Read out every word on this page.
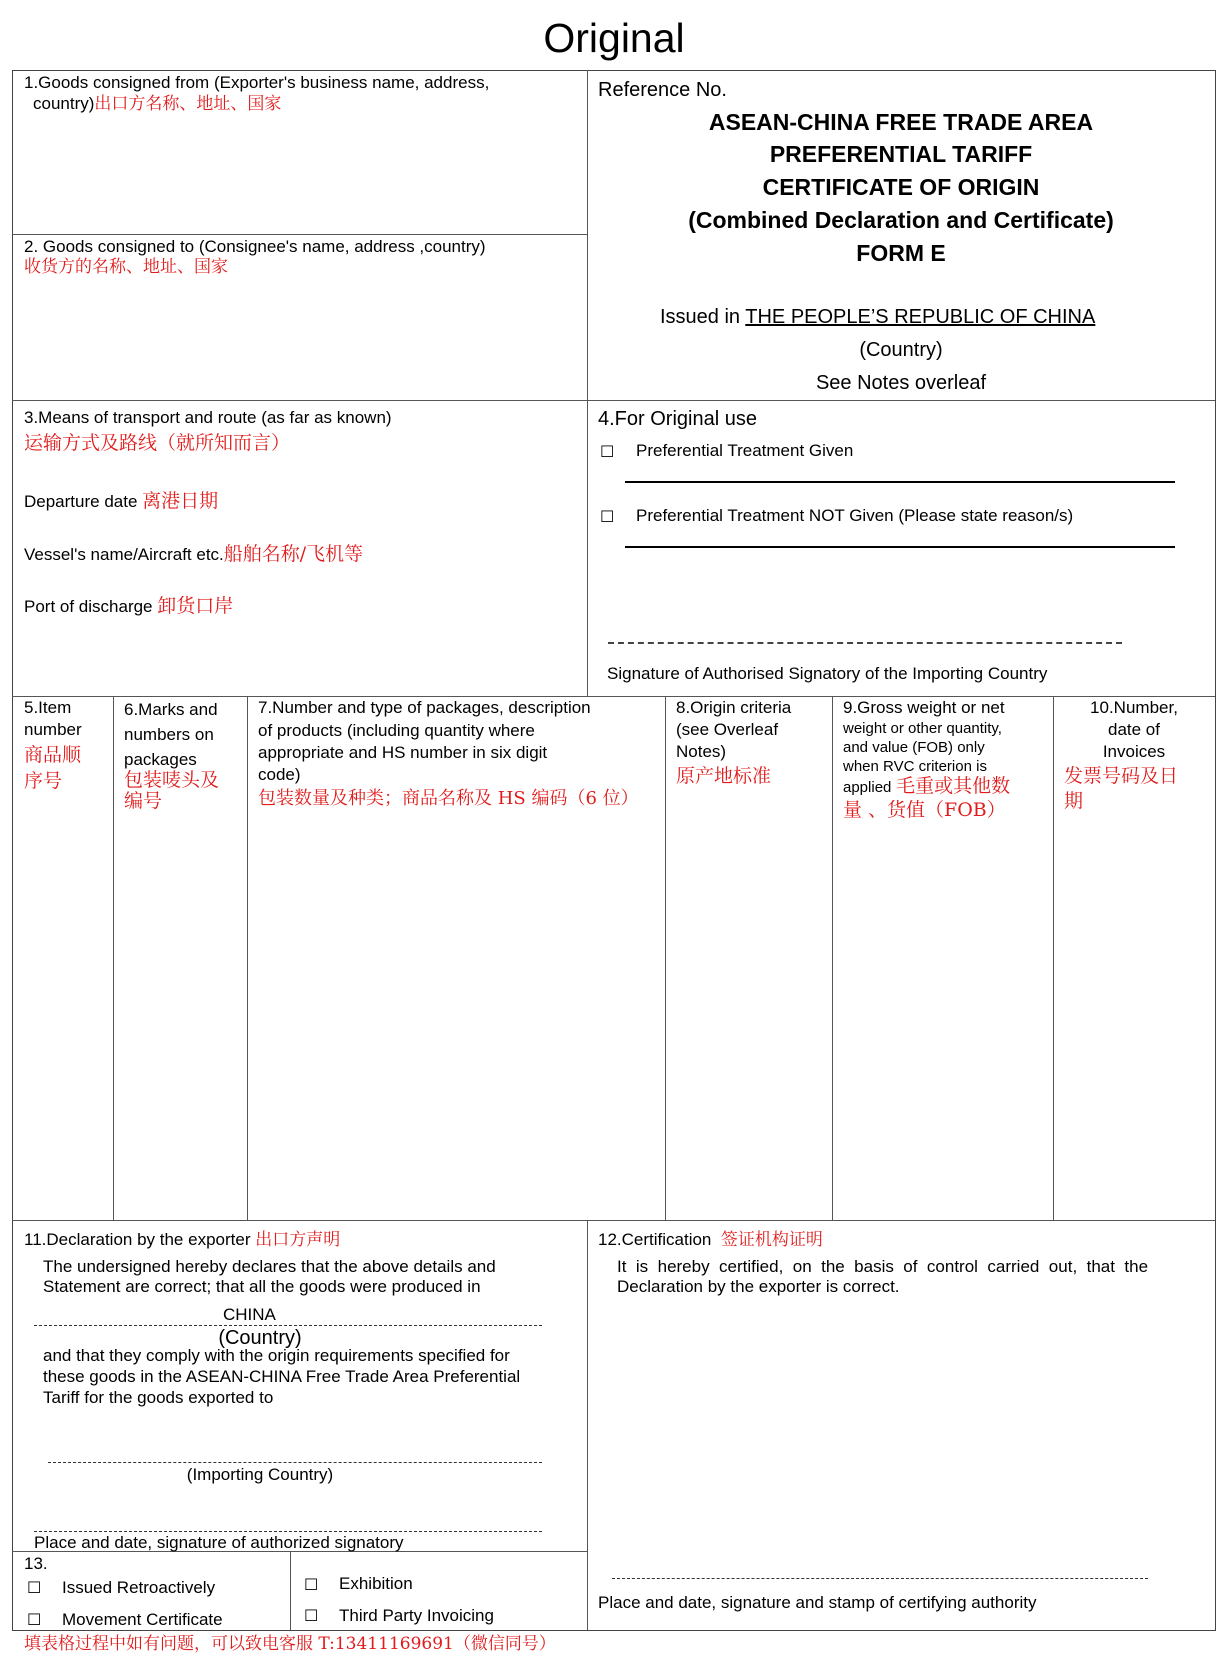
Original
1.Goods consigned from (Exporter's business name, address,
country)出口方名称、地址、国家
2. Goods consigned to (Consignee's name, address ,country)
收货方的名称、地址、国家
Reference No.
ASEAN-CHINA FREE TRADE AREA
PREFERENTIAL TARIFF
CERTIFICATE OF ORIGIN
(Combined Declaration and Certificate)
FORM E
Issued in THE PEOPLE’S REPUBLIC OF CHINA
(Country)
See Notes overleaf
3.Means of transport and route (as far as known)
运输方式及路线（就所知而言）
Departure date 离港日期
Vessel's name/Aircraft etc.船舶名称/飞机等
Port of discharge 卸货口岸
4.For Original use
☐ Preferential Treatment Given
☐ Preferential Treatment NOT Given (Please state reason/s)
Signature of Authorised Signatory of the Importing Country
5.Item
number
商品顺
序号
6.Marks and
numbers on
packages
包装唛头及
编号
7.Number and type of packages, description
of products (including quantity where
appropriate and HS number in six digit
code)
包装数量及种类；商品名称及 HS 编码（6 位）
8.Origin criteria
(see Overleaf
Notes)
原产地标准
9.Gross weight or net
weight or other quantity,
and value (FOB) only
when RVC criterion is
applied 毛重或其他数
量 、货值（FOB）
10.Number,
date of
Invoices
发票号码及日
期
11.Declaration by the exporter 出口方声明
The undersigned hereby declares that the above details and
Statement are correct; that all the goods were produced in
CHINA
(Country)
and that they comply with the origin requirements specified for
these goods in the ASEAN-CHINA Free Trade Area Preferential
Tariff for the goods exported to
(Importing Country)
Place and date, signature of authorized signatory
12.Certification 签证机构证明
It  is  hereby  certified,  on  the  basis  of  control  carried  out,  that  the
Declaration by the exporter is correct.
Place and date, signature and stamp of certifying authority
13.
☐ Issued Retroactively
☐ Movement Certificate
☐ Exhibition
☐ Third Party Invoicing
填表格过程中如有问题，可以致电客服 T:13411169691（微信同号）
